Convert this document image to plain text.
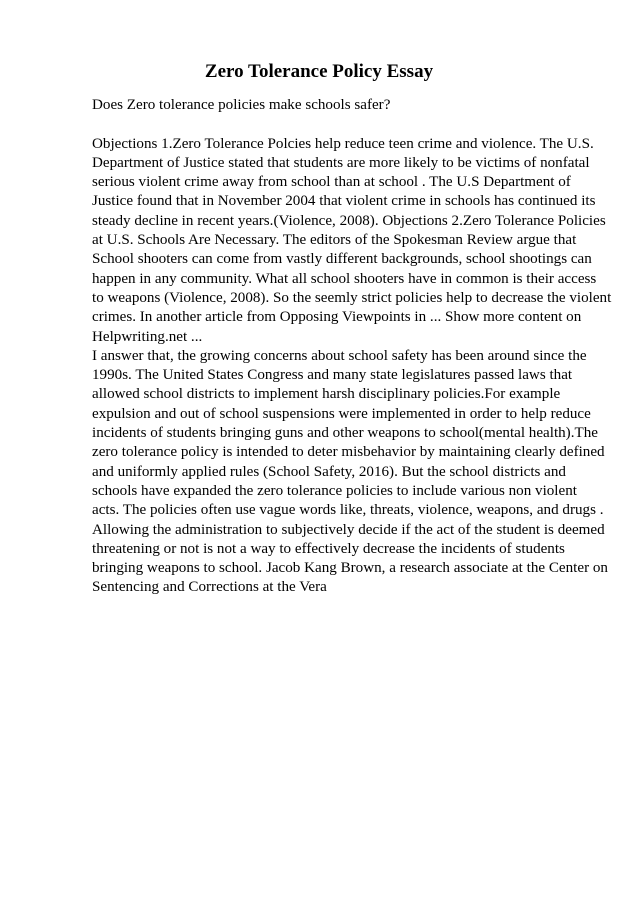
Zero Tolerance Policy Essay
Does Zero tolerance policies make schools safer?
Objections 1.Zero Tolerance Polcies help reduce teen crime and violence. The U.S.
Department of Justice stated that students are more likely to be victims of nonfatal
serious violent crime away from school than at school . The U.S Department of
Justice found that in November 2004 that violent crime in schools has continued its
steady decline in recent years.(Violence, 2008). Objections 2.Zero Tolerance Policies
at U.S. Schools Are Necessary. The editors of the Spokesman Review argue that
School shooters can come from vastly different backgrounds, school shootings can
happen in any community. What all school shooters have in common is their access
to weapons (Violence, 2008). So the seemly strict policies help to decrease the violent
crimes. In another article from Opposing Viewpoints in ... Show more content on
Helpwriting.net ...
I answer that, the growing concerns about school safety has been around since the
1990s. The United States Congress and many state legislatures passed laws that
allowed school districts to implement harsh disciplinary policies.For example
expulsion and out of school suspensions were implemented in order to help reduce
incidents of students bringing guns and other weapons to school(mental health).The
zero tolerance policy is intended to deter misbehavior by maintaining clearly defined
and uniformly applied rules (School Safety, 2016). But the school districts and
schools have expanded the zero tolerance policies to include various non violent
acts. The policies often use vague words like, threats, violence, weapons, and drugs .
Allowing the administration to subjectively decide if the act of the student is deemed
threatening or not is not a way to effectively decrease the incidents of students
bringing weapons to school. Jacob Kang Brown, a research associate at the Center on
Sentencing and Corrections at the Vera
